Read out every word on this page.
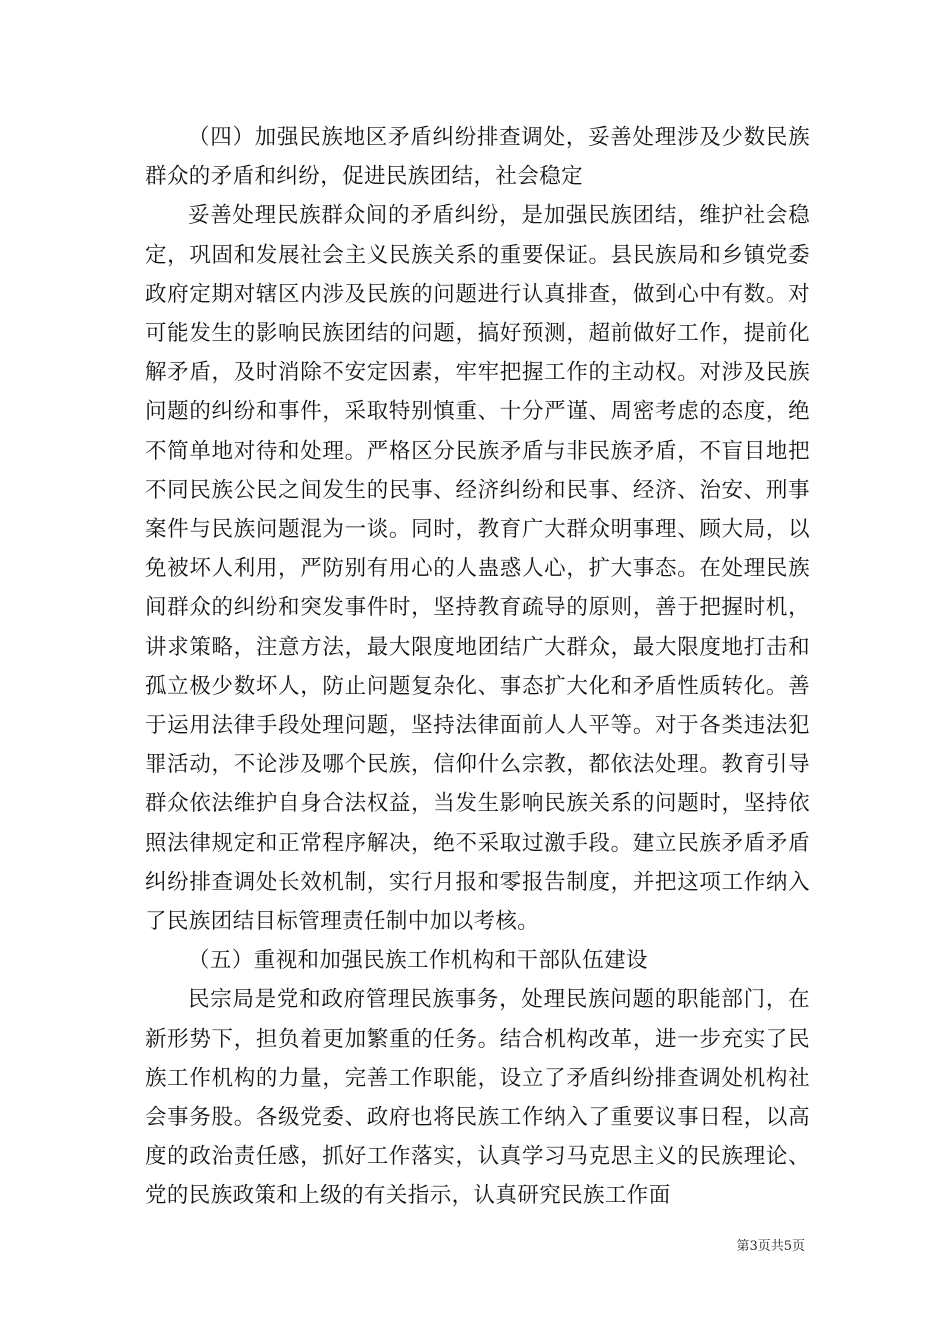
（四）加强民族地区矛盾纠纷排查调处，妥善处理涉及少数民族群众的矛盾和纠纷，促进民族团结，社会稳定

妥善处理民族群众间的矛盾纠纷，是加强民族团结，维护社会稳定，巩固和发展社会主义民族关系的重要保证。县民族局和乡镇党委政府定期对辖区内涉及民族的问题进行认真排查，做到心中有数。对可能发生的影响民族团结的问题，搞好预测，超前做好工作，提前化解矛盾，及时消除不安定因素，牢牢把握工作的主动权。对涉及民族问题的纠纷和事件，采取特别慎重、十分严谨、周密考虑的态度，绝不简单地对待和处理。严格区分民族矛盾与非民族矛盾，不盲目地把不同民族公民之间发生的民事、经济纠纷和民事、经济、治安、刑事案件与民族问题混为一谈。同时，教育广大群众明事理、顾大局，以免被坏人利用，严防别有用心的人蛊惑人心，扩大事态。在处理民族间群众的纠纷和突发事件时，坚持教育疏导的原则，善于把握时机，讲求策略，注意方法，最大限度地团结广大群众，最大限度地打击和孤立极少数坏人，防止问题复杂化、事态扩大化和矛盾性质转化。善于运用法律手段处理问题，坚持法律面前人人平等。对于各类违法犯罪活动，不论涉及哪个民族，信仰什么宗教，都依法处理。教育引导群众依法维护自身合法权益，当发生影响民族关系的问题时，坚持依照法律规定和正常程序解决，绝不采取过激手段。建立民族矛盾矛盾纠纷排查调处长效机制，实行月报和零报告制度，并把这项工作纳入了民族团结目标管理责任制中加以考核。

（五）重视和加强民族工作机构和干部队伍建设

民宗局是党和政府管理民族事务，处理民族问题的职能部门，在新形势下，担负着更加繁重的任务。结合机构改革，进一步充实了民族工作机构的力量，完善工作职能，设立了矛盾纠纷排查调处机构社会事务股。各级党委、政府也将民族工作纳入了重要议事日程，以高度的政治责任感，抓好工作落实，认真学习马克思主义的民族理论、党的民族政策和上级的有关指示，认真研究民族工作面

第3页共5页
